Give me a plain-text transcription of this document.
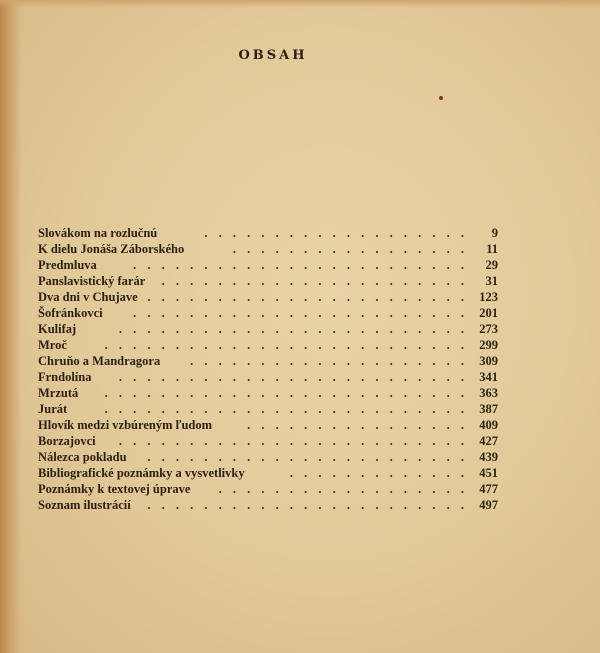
OBSAH
Slovákom na rozlučnú	. . . . . . . . . . . . . . . . . . . 9
K dielu Jonáša Záborského	. . . . . . . . . . . . . . . . . 11
Predmluva	. . . . . . . . . . . . . . . . . . . . . . . . 29
Panslavistický farár . . . . . . . . . . . . . . . . . . . . . . 31
Dva dni v Chujave . . . . . . . . . . . . . . . . . . . . . . . 123
Šofránkovci . . . . . . . . . . . . . . . . . . . . . . . . 201
Kulifaj	. . . . . . . . . . . . . . . . . . . . . . . . . 273
Mroč	. . . . . . . . . . . . . . . . . . . . . . . . . . 299
Chruňo a Mandragora . . . . . . . . . . . . . . . . . . . . 309
Frndolína . . . . . . . . . . . . . . . . . . . . . . . . . 341
Mrzutá . . . . . . . . . . . . . . . . . . . . . . . . . . 363
Jurát	. . . . . . . . . . . . . . . . . . . . . . . . . . 387
Hlovík medzi vzbúreným ľudom	. . . . . . . . . . . . . . . . 409
Borzajovci . . . . . . . . . . . . . . . . . . . . . . . . . 427
Nálezca pokladu . . . . . . . . . . . . . . . . . . . . . . . 439
Bibliografické poznámky a vysvetlivky	. . . . . . . . . . . . . 451
Poznámky k textovej úprave . . . . . . . . . . . . . . . . . . 477
Soznam ilustrácií . . . . . . . . . . . . . . . . . . . . . . . 497
